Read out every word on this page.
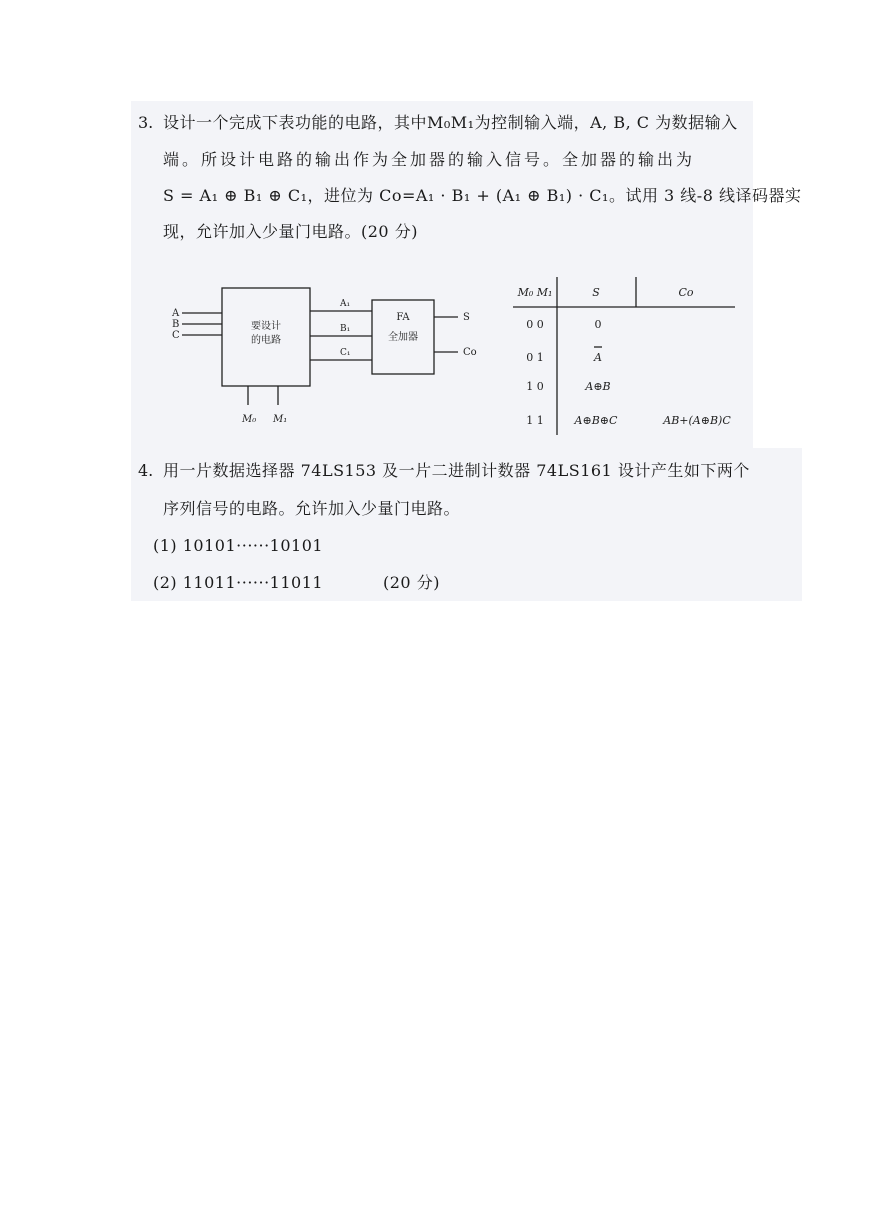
3. 设计一个完成下表功能的电路，其中M₀M₁为控制输入端，A, B, C 为数据输入
端。所设计电路的输出作为全加器的输入信号。全加器的输出为
S = A₁ ⊕ B₁ ⊕ C₁，进位为 Co=A₁ · B₁ + (A₁ ⊕ B₁) · C₁。试用 3 线-8 线译码器实
现，允许加入少量门电路。(20 分)
A
B
C
要设计
的电路
M₀ M₁
A₁
B₁
C₁
FA
全加器
S
Co
M₀ M₁	S	Co
0 0	0
0 1	A
1 0	A⊕B
1 1	A⊕B⊕C	AB+(A⊕B)C
4. 用一片数据选择器 74LS153 及一片二进制计数器 74LS161 设计产生如下两个
序列信号的电路。允许加入少量门电路。
(1) 10101······10101
(2) 11011······11011	(20 分)
